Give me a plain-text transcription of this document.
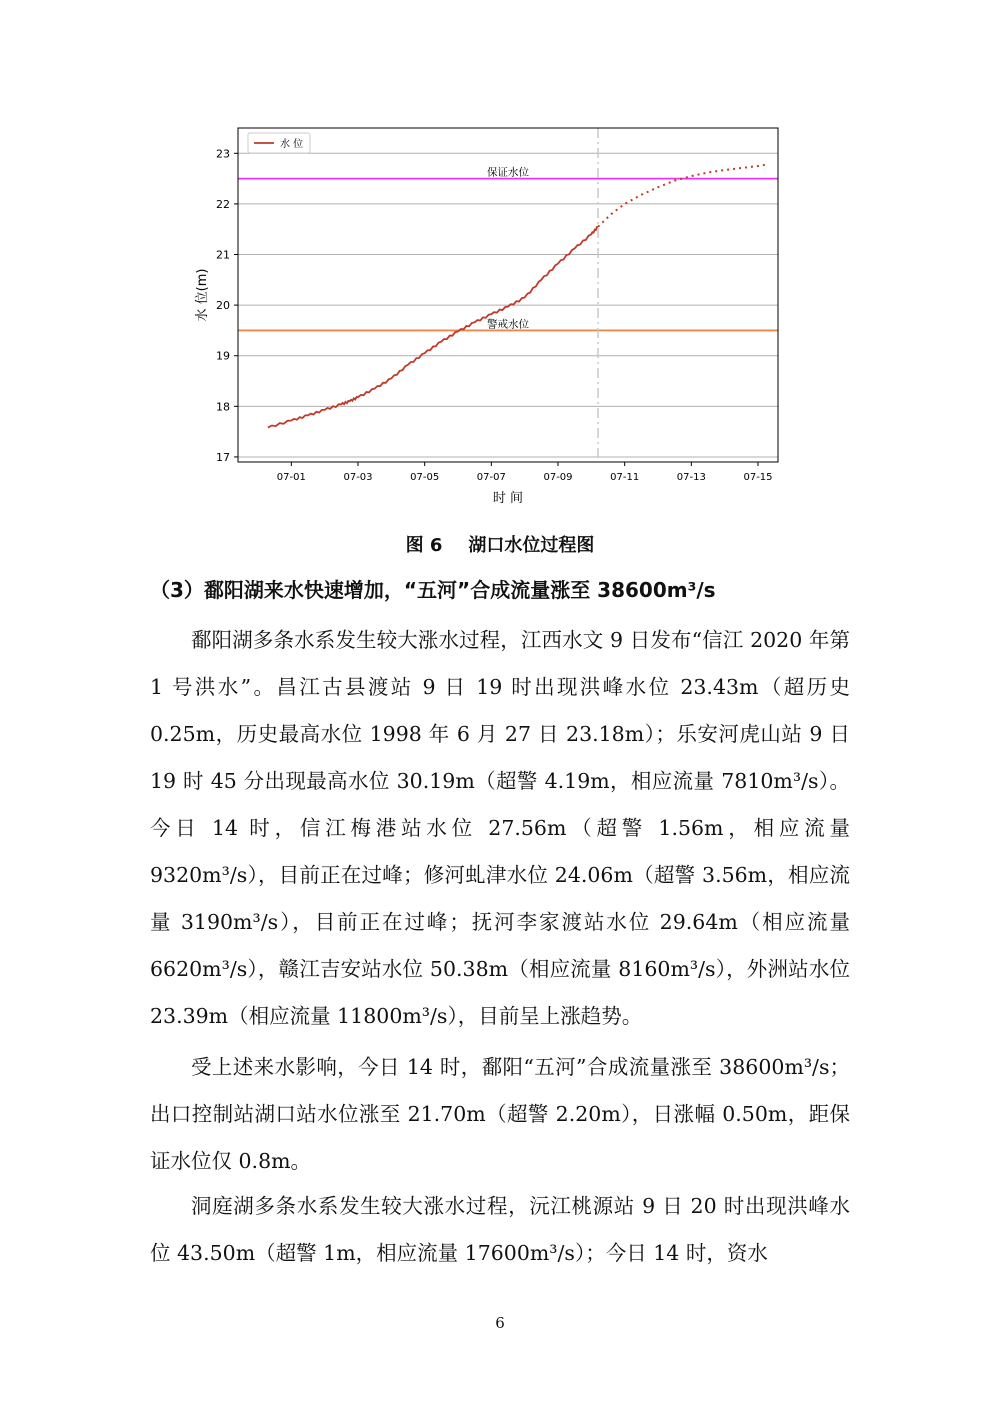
保证水位
警戒水位
17
18
19
20
21
22
23
07-01	07-03	07-05	07-07	07-09	07-11	07-13	07-15
水 位
时 间
水 位(m)
图 6 湖口水位过程图
（3）鄱阳湖来水快速增加，“五河”合成流量涨至 38600m³/s

鄱阳湖多条水系发生较大涨水过程，江西水文 9 日发布“信江 2020 年第 1 号洪水”。昌江古县渡站 9 日 19 时出现洪峰水位 23.43m（超历史 0.25m，历史最高水位 1998 年 6 月 27 日 23.18m）；乐安河虎山站 9 日 19 时 45 分出现最高水位 30.19m（超警 4.19m，相应流量 7810m³/s）。今日 14 时，信江梅港站水位 27.56m（超警 1.56m，相应流量 9320m³/s），目前正在过峰；修河虬津水位 24.06m（超警 3.56m，相应流量 3190m³/s），目前正在过峰；抚河李家渡站水位 29.64m（相应流量 6620m³/s），赣江吉安站水位 50.38m（相应流量 8160m³/s），外洲站水位 23.39m（相应流量 11800m³/s），目前呈上涨趋势。

受上述来水影响，今日 14 时，鄱阳“五河”合成流量涨至 38600m³/s；出口控制站湖口站水位涨至 21.70m（超警 2.20m），日涨幅 0.50m，距保证水位仅 0.8m。

洞庭湖多条水系发生较大涨水过程，沅江桃源站 9 日 20 时出现洪峰水位 43.50m（超警 1m，相应流量 17600m³/s）；今日 14 时，资水

6
